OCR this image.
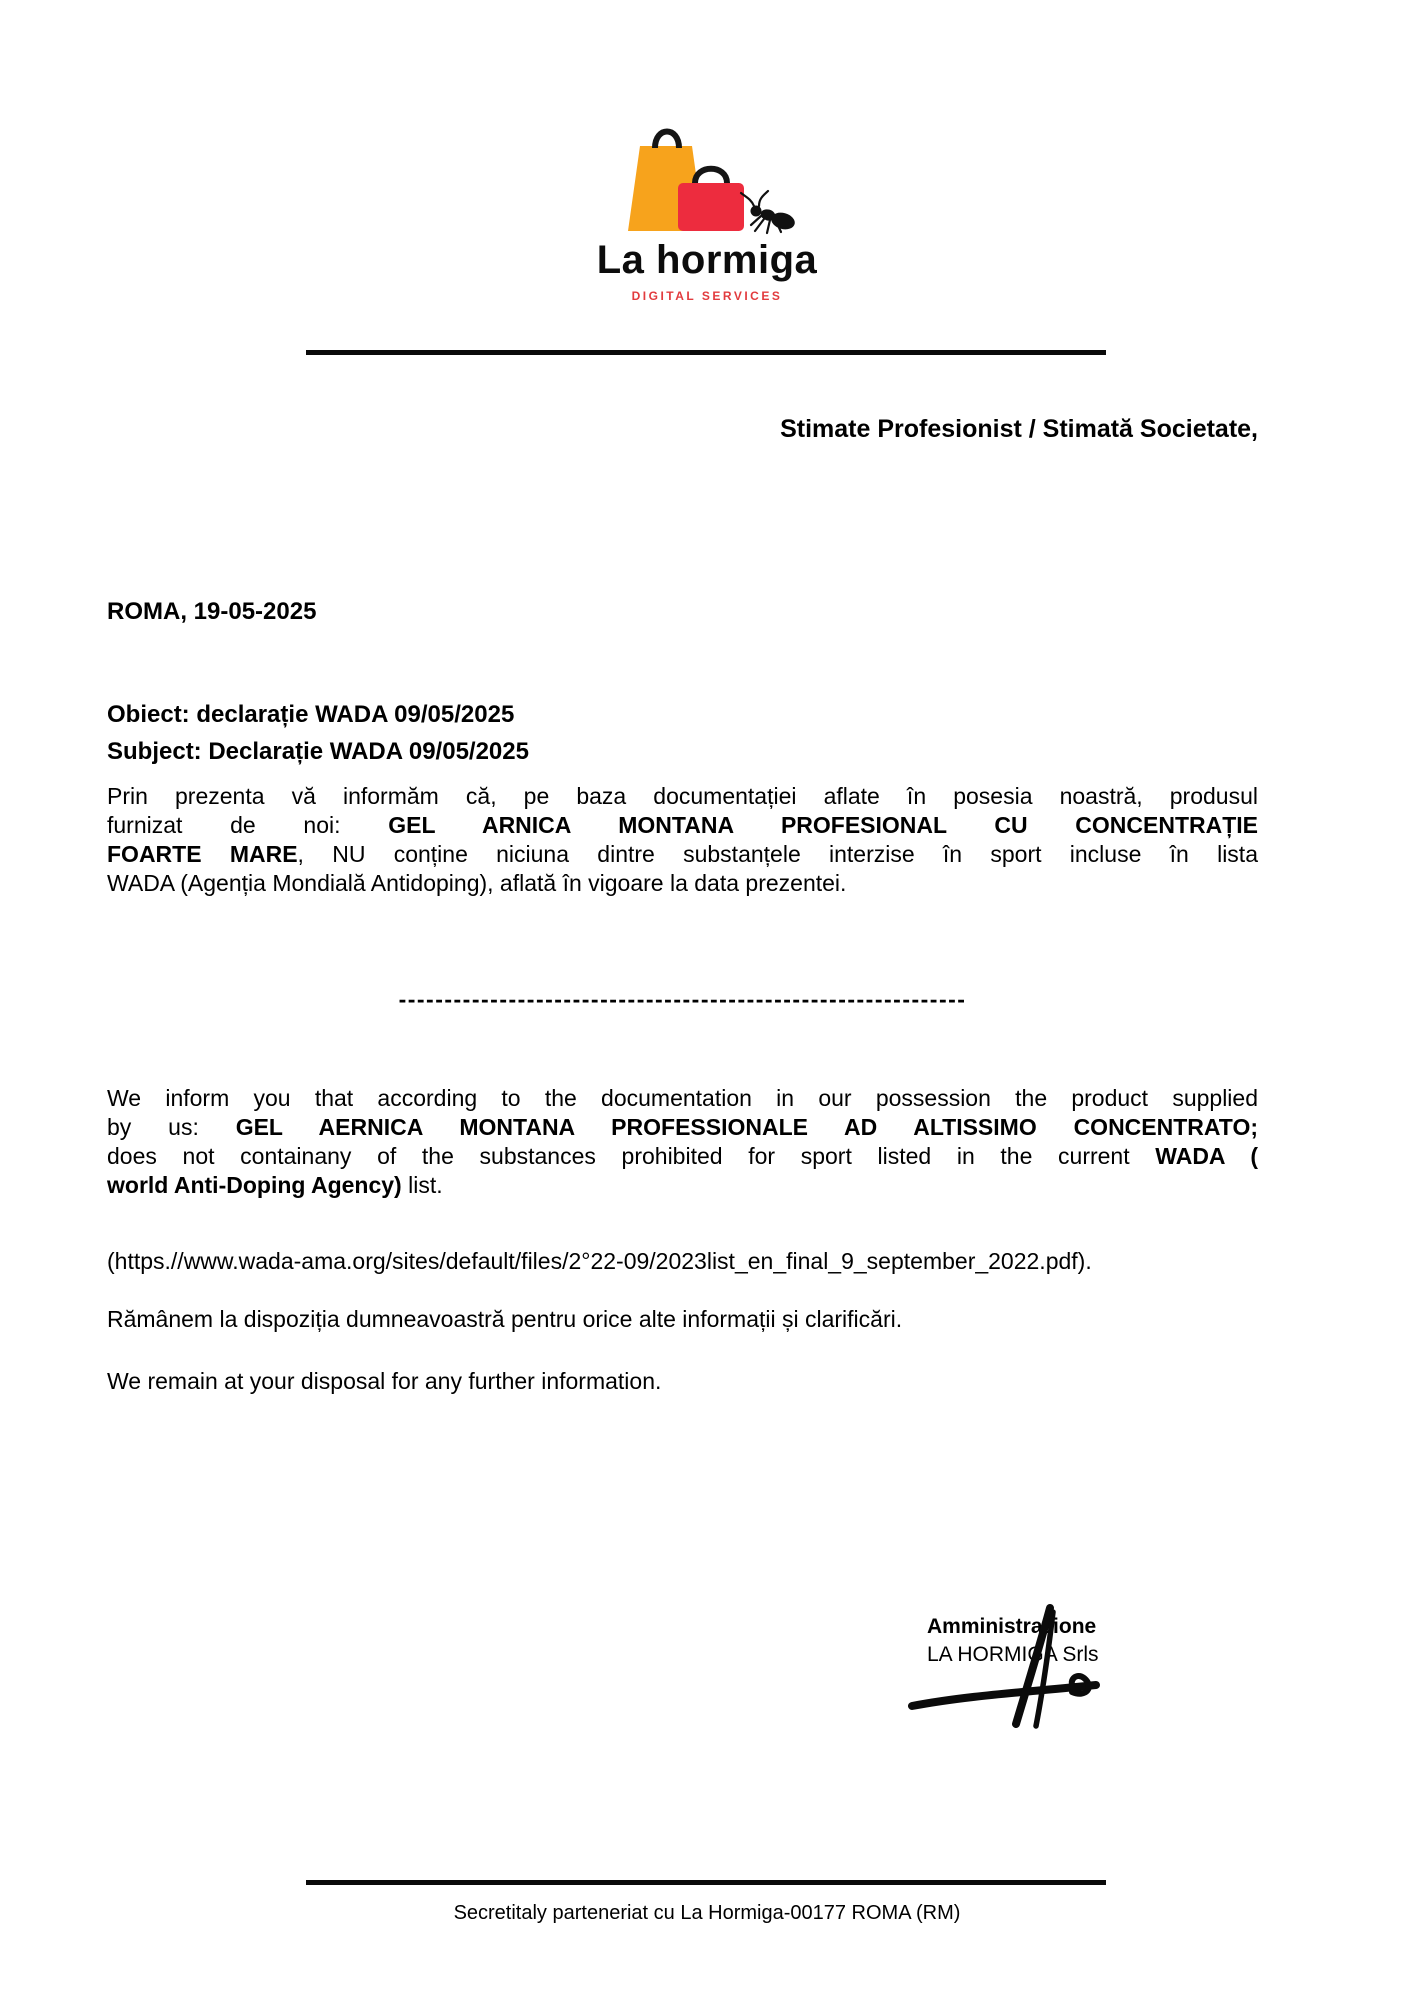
La hormiga
DIGITAL SERVICES
Stimate Profesionist / Stimată Societate,
ROMA, 19-05-2025
Obiect: declarație WADA 09/05/2025
Subject: Declarație WADA 09/05/2025
Prin prezenta vă informăm că, pe baza documentației aflate în posesia noastră, produsul
furnizat de noi: GEL ARNICA MONTANA PROFESIONAL CU CONCENTRAȚIE
FOARTE MARE, NU conține niciuna dintre substanțele interzise în sport incluse în lista
WADA (Agenția Mondială Antidoping), aflată în vigoare la data prezentei.
--------------------------------------------------------------
We inform you that according to the documentation in our possession the product supplied
by us: GEL AERNICA MONTANA PROFESSIONALE AD ALTISSIMO CONCENTRATO;
does not containany of the substances prohibited for sport listed in the current WADA (
world Anti-Doping Agency) list.
(https.//www.wada-ama.org/sites/default/files/2°22-09/2023list_en_final_9_september_2022.pdf).
Rămânem la dispoziția dumneavoastră pentru orice alte informații și clarificări.
We remain at your disposal for any further information.
Amministrazione
LA HORMIGA Srls
Secretitaly parteneriat cu La Hormiga-00177 ROMA (RM)
